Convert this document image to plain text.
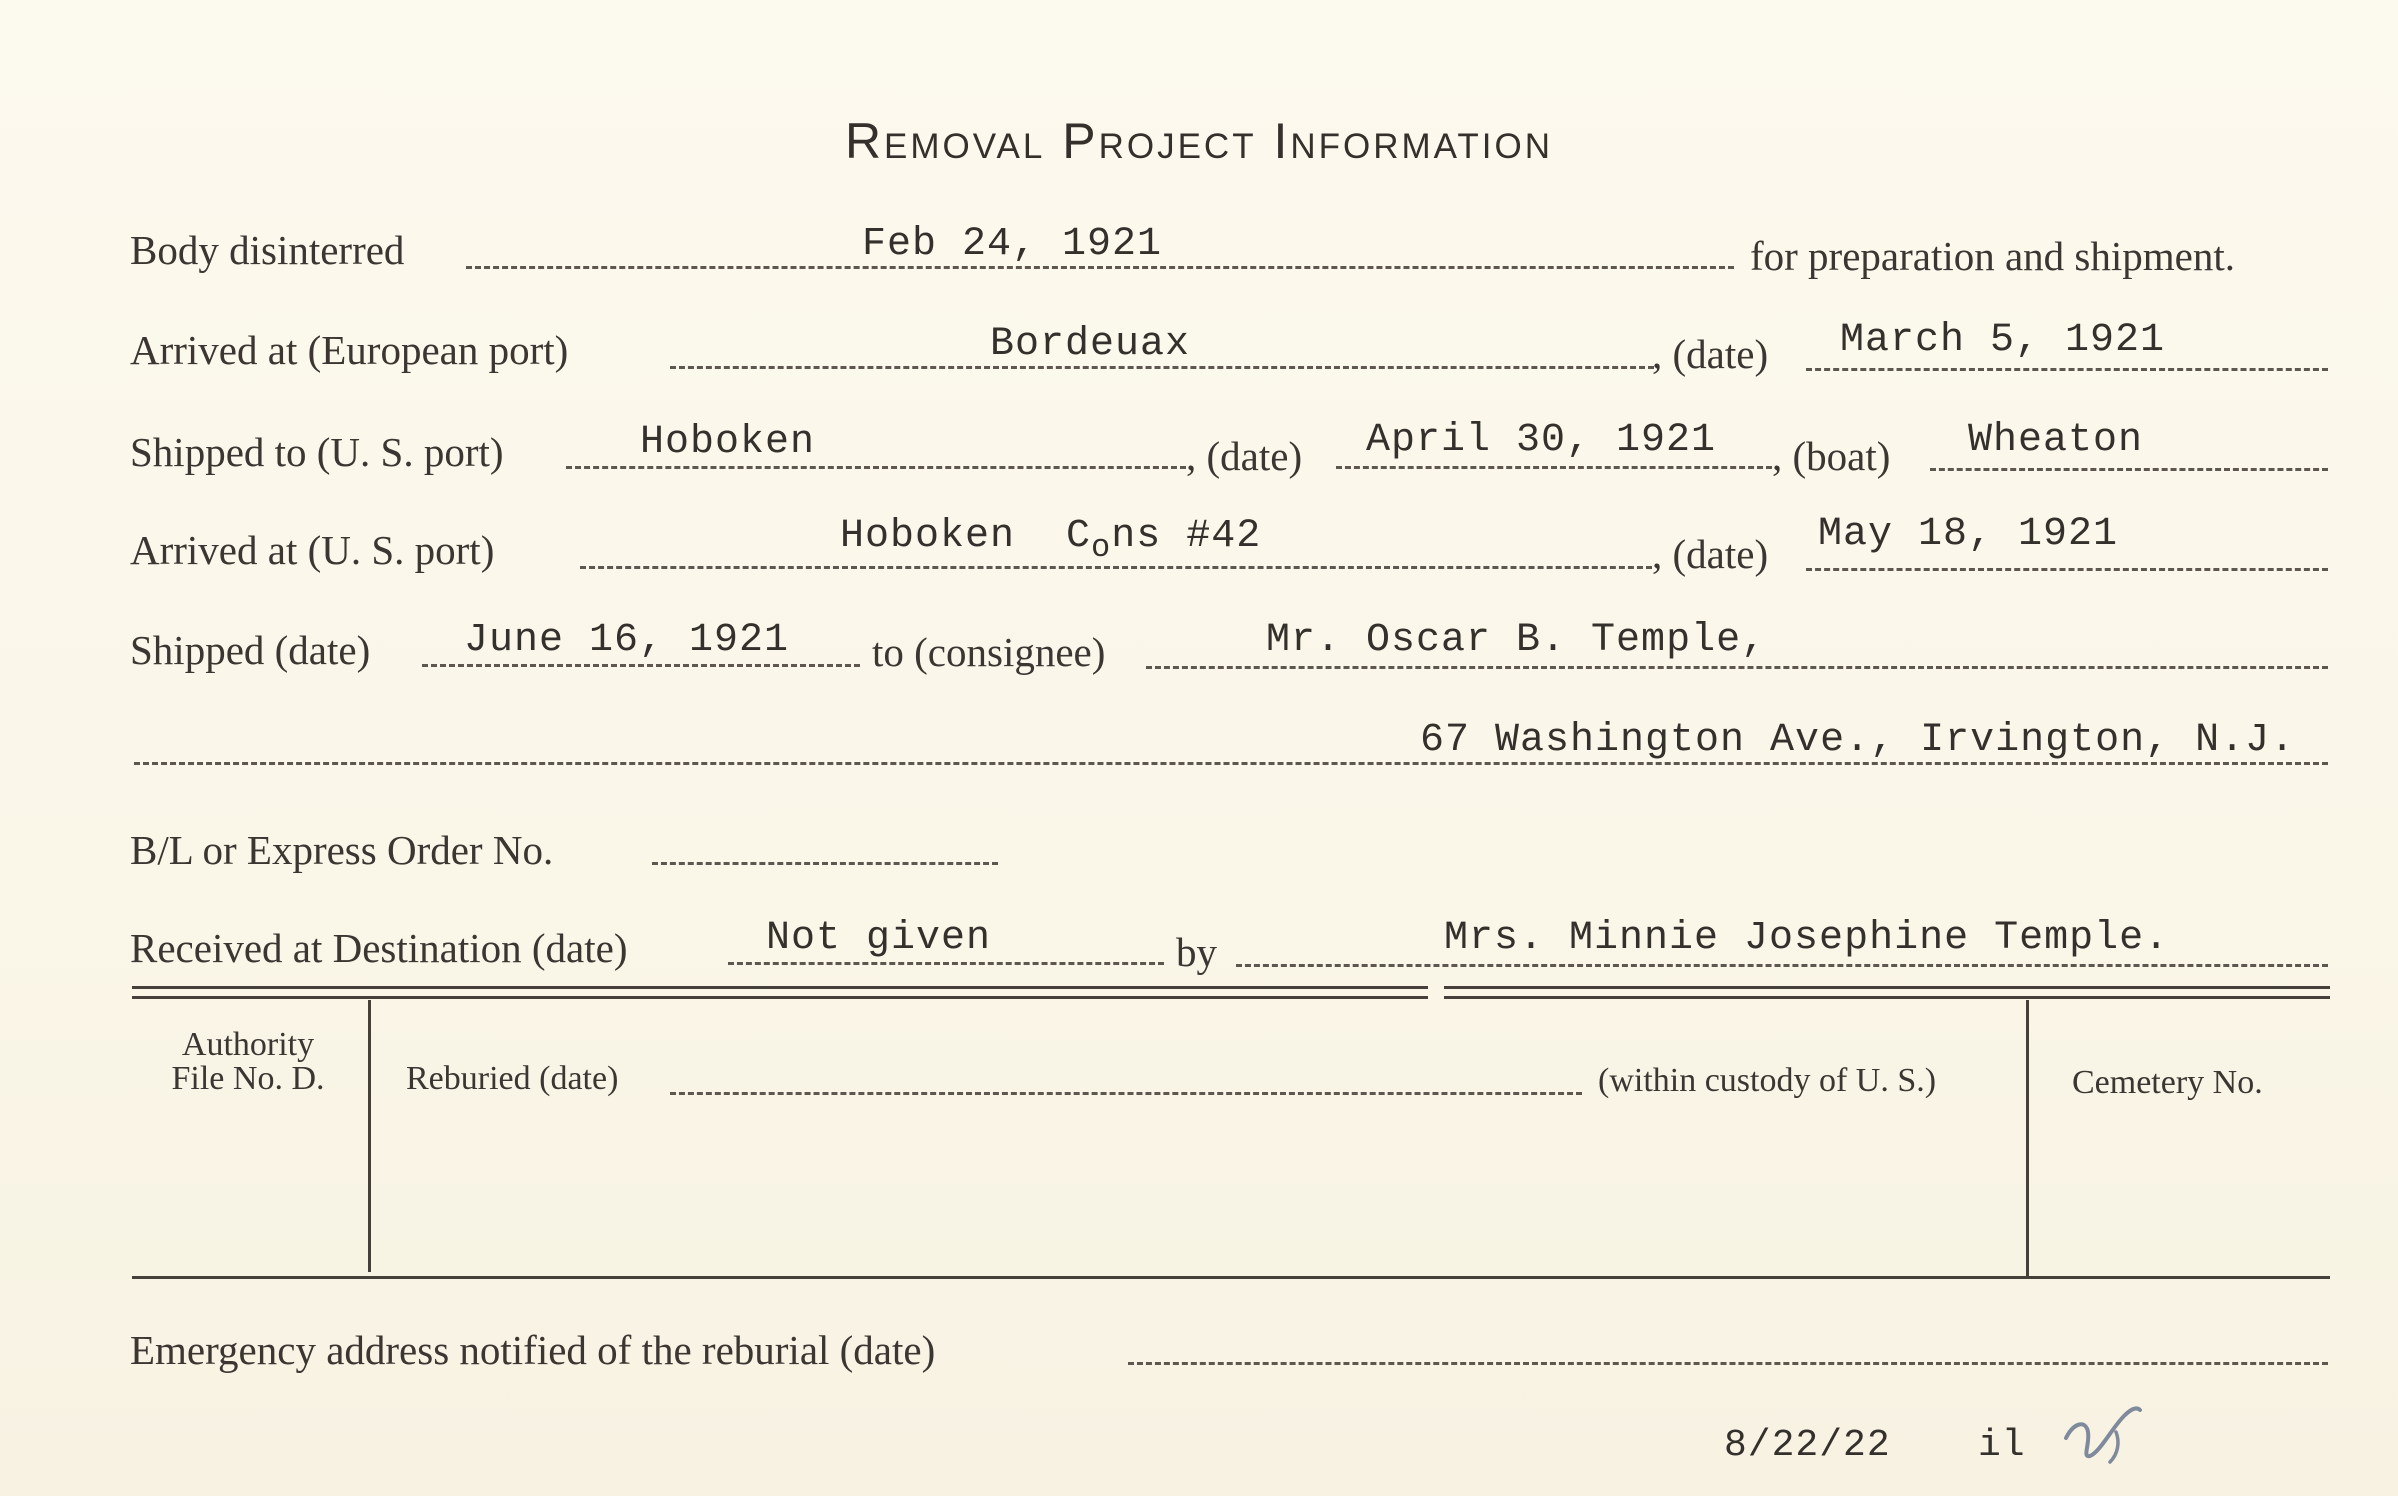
Removal Project Information
Body disinterred	Feb 24, 1921	for preparation and shipment.
Arrived at (European port)	Bordeuax	, (date) March 5, 1921
Shipped to (U. S. port)	Hoboken	, (date) April 30, 1921 , (boat) Wheaton
Arrived at (U. S. port)	Hoboken $C_ons$ #42	, (date) May 18, 1921
Shipped (date) June 16, 1921 to (consignee)	Mr. Oscar B. Temple,
67 Washington Ave., Irvington, N.J.
B/L or Express Order No.
Received at Destination (date)	Not given	by	Mrs. Minnie Josephine Temple.
Authority
File No. D.	Reburied (date)	(within custody of U. S.)	Cemetery No.
Emergency address notified of the reburial (date)
8/22/22 il
